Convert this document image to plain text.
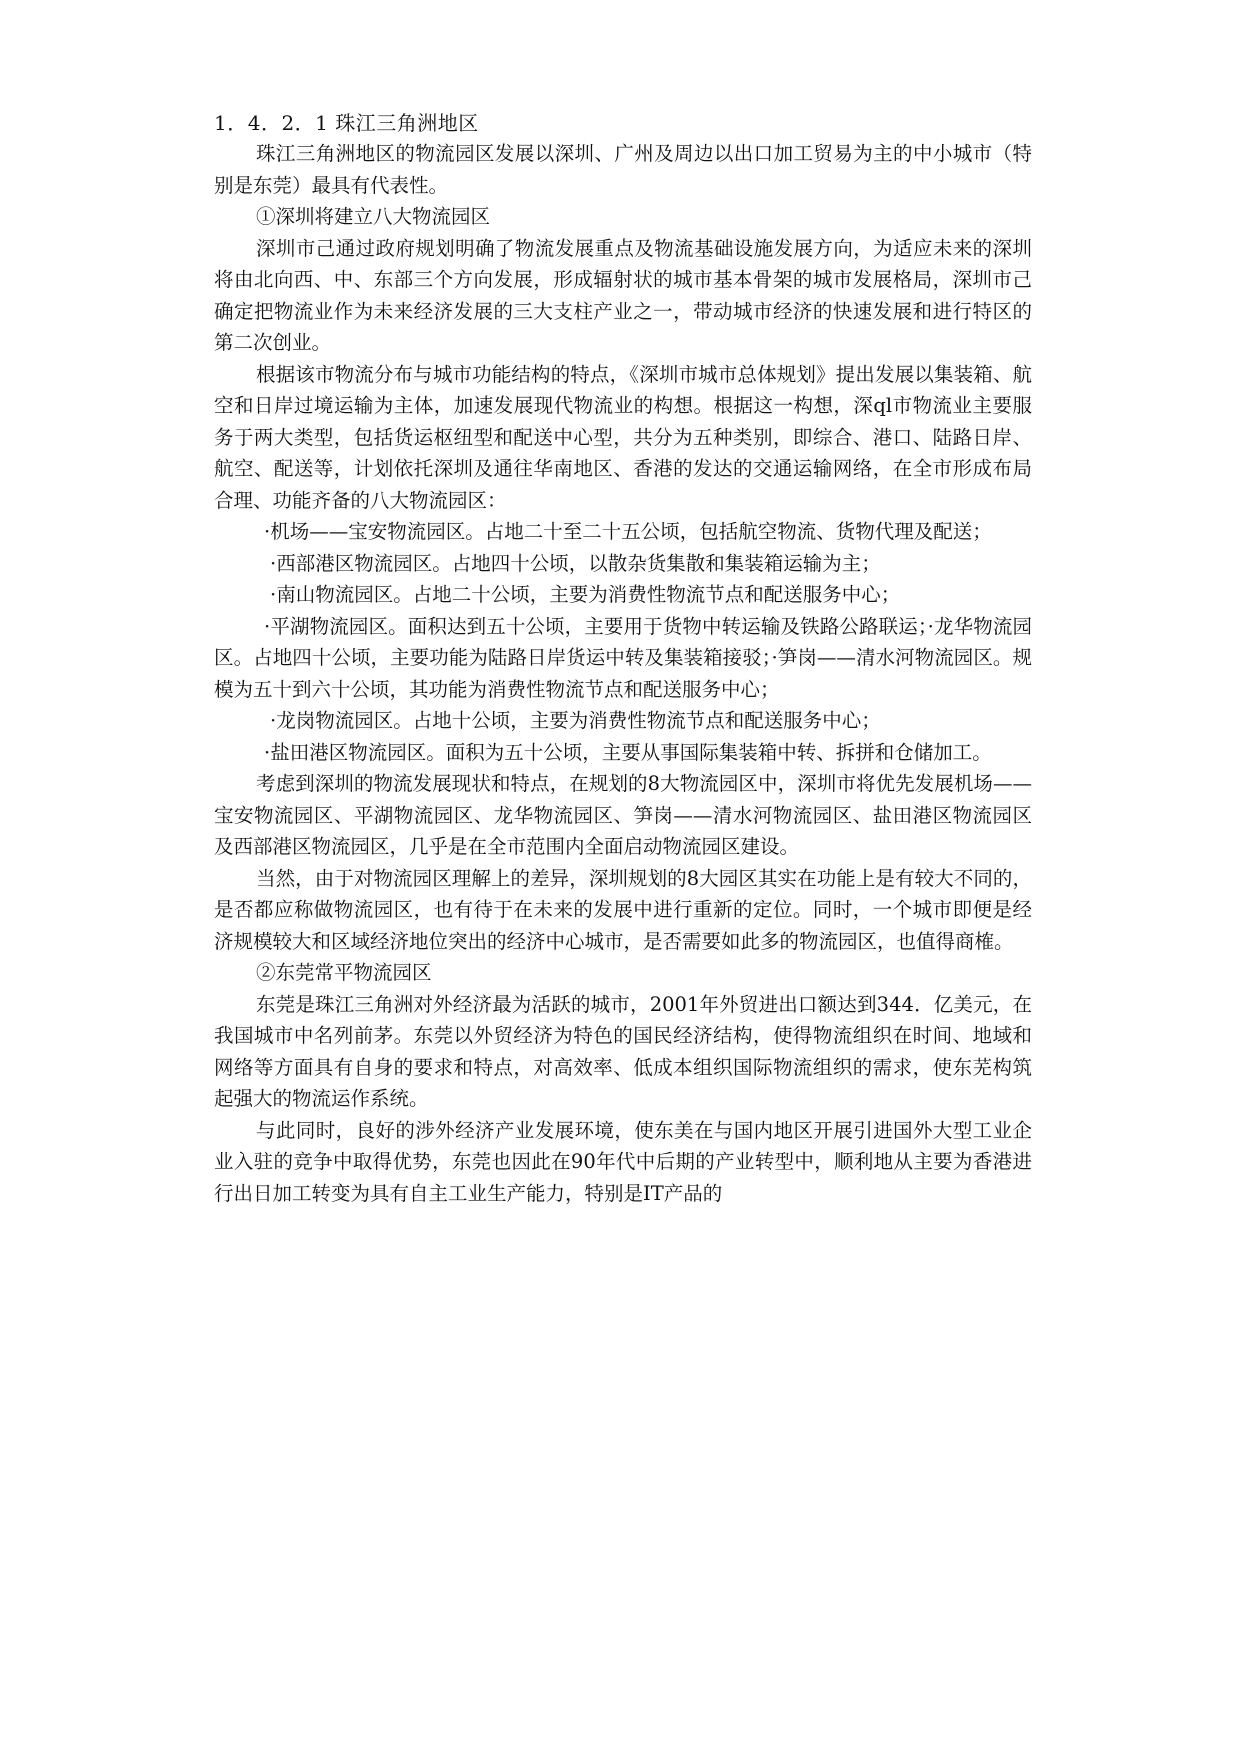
1．4．2．1 珠江三角洲地区

珠江三角洲地区的物流园区发展以深圳、广州及周边以出口加工贸易为主的中小城市（特别是东莞）最具有代表性。

①深圳将建立八大物流园区

深圳市己通过政府规划明确了物流发展重点及物流基础设施发展方向，为适应未来的深圳将由北向西、中、东部三个方向发展，形成辐射状的城市基本骨架的城市发展格局，深圳市己确定把物流业作为未来经济发展的三大支柱产业之一，带动城市经济的快速发展和进行特区的第二次创业。

根据该市物流分布与城市功能结构的特点，《深圳市城市总体规划》提出发展以集装箱、航空和日岸过境运输为主体，加速发展现代物流业的构想。根据这一构想，深ql市物流业主要服务于两大类型，包括货运枢纽型和配送中心型，共分为五种类别，即综合、港口、陆路日岸、航空、配送等，计划依托深圳及通往华南地区、香港的发达的交通运输网络，在全市形成布局合理、功能齐备的八大物流园区：

·机场——宝安物流园区。占地二十至二十五公顷，包括航空物流、货物代理及配送；

·西部港区物流园区。占地四十公顷，以散杂货集散和集装箱运输为主；

·南山物流园区。占地二十公顷，主要为消费性物流节点和配送服务中心；

·平湖物流园区。面积达到五十公顷，主要用于货物中转运输及铁路公路联运；·龙华物流园区。占地四十公顷，主要功能为陆路日岸货运中转及集装箱接驳；·笋岗——清水河物流园区。规模为五十到六十公顷，其功能为消费性物流节点和配送服务中心；

·龙岗物流园区。占地十公顷，主要为消费性物流节点和配送服务中心；

·盐田港区物流园区。面积为五十公顷，主要从事国际集装箱中转、拆拼和仓储加工。

考虑到深圳的物流发展现状和特点，在规划的8大物流园区中，深圳市将优先发展机场——宝安物流园区、平湖物流园区、龙华物流园区、笋岗——清水河物流园区、盐田港区物流园区及西部港区物流园区，几乎是在全市范围内全面启动物流园区建设。

当然，由于对物流园区理解上的差异，深圳规划的8大园区其实在功能上是有较大不同的，是否都应称做物流园区，也有待于在未来的发展中进行重新的定位。同时，一个城市即便是经济规模较大和区域经济地位突出的经济中心城市，是否需要如此多的物流园区，也值得商榷。

②东莞常平物流园区

东莞是珠江三角洲对外经济最为活跃的城市，2001年外贸进出口额达到344．亿美元，在我国城市中名列前茅。东莞以外贸经济为特色的国民经济结构，使得物流组织在时间、地域和网络等方面具有自身的要求和特点，对高效率、低成本组织国际物流组织的需求，使东芜构筑起强大的物流运作系统。

与此同时，良好的涉外经济产业发展环境，使东美在与国内地区开展引进国外大型工业企业入驻的竞争中取得优势，东莞也因此在90年代中后期的产业转型中，顺利地从主要为香港进行出日加工转变为具有自主工业生产能力，特别是IT产品的
